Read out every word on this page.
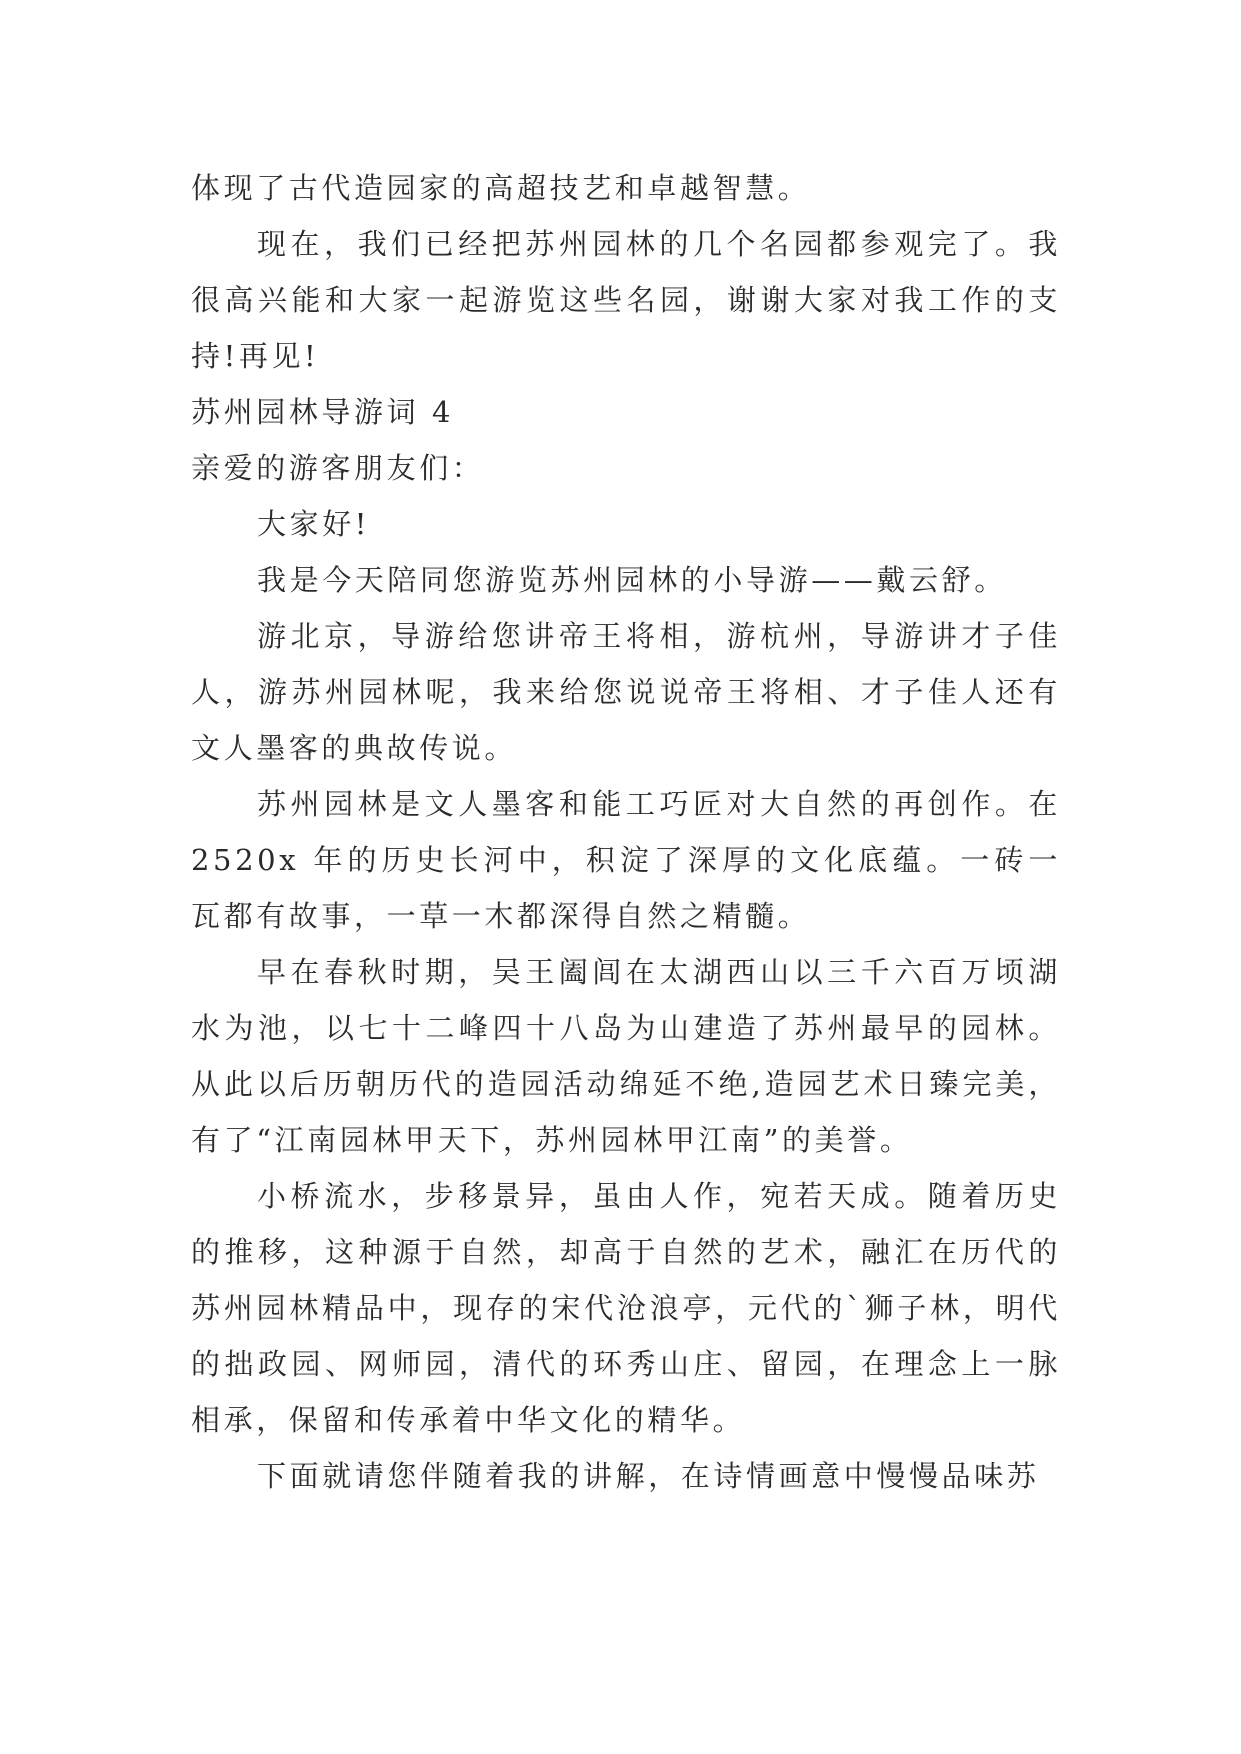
体现了古代造园家的高超技艺和卓越智慧。

现在，我们已经把苏州园林的几个名园都参观完了。我很高兴能和大家一起游览这些名园，谢谢大家对我工作的支持!再见!

苏州园林导游词 4

亲爱的游客朋友们：

大家好!

我是今天陪同您游览苏州园林的小导游——戴云舒。

游北京，导游给您讲帝王将相，游杭州，导游讲才子佳人，游苏州园林呢，我来给您说说帝王将相、才子佳人还有文人墨客的典故传说。

苏州园林是文人墨客和能工巧匠对大自然的再创作。在 2520x 年的历史长河中，积淀了深厚的文化底蕴。一砖一瓦都有故事，一草一木都深得自然之精髓。

早在春秋时期，吴王阖闾在太湖西山以三千六百万顷湖水为池，以七十二峰四十八岛为山建造了苏州最早的园林。从此以后历朝历代的造园活动绵延不绝,造园艺术日臻完美，有了“江南园林甲天下，苏州园林甲江南”的美誉。

小桥流水，步移景异，虽由人作，宛若天成。随着历史的推移，这种源于自然，却高于自然的艺术，融汇在历代的苏州园林精品中，现存的宋代沧浪亭，元代的`狮子林，明代的拙政园、网师园，清代的环秀山庄、留园，在理念上一脉相承，保留和传承着中华文化的精华。

下面就请您伴随着我的讲解，在诗情画意中慢慢品味苏
